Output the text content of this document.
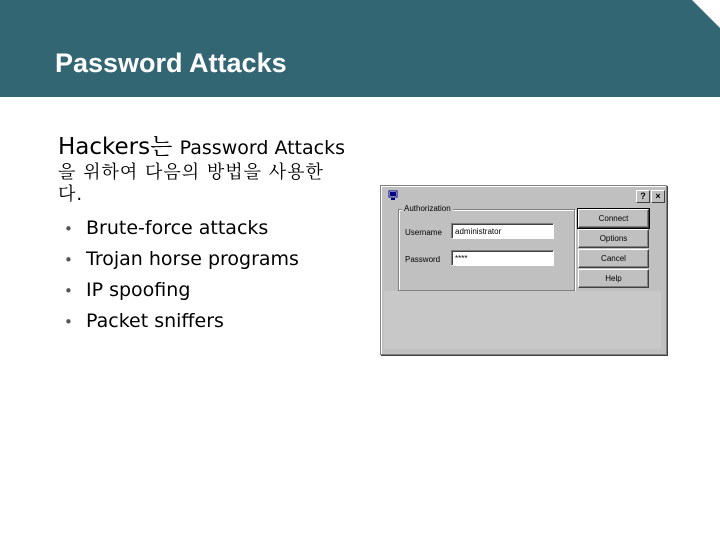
Password Attacks
Hackers는 Password Attacks
을 위하여 다음의 방법을 사용한
다.
• Brute-force attacks
• Trojan horse programs
• IP spoofing
• Packet sniffers
?	×
Authorization
Username	administrator
Password	****
Connect
Options
Cancel
Help
